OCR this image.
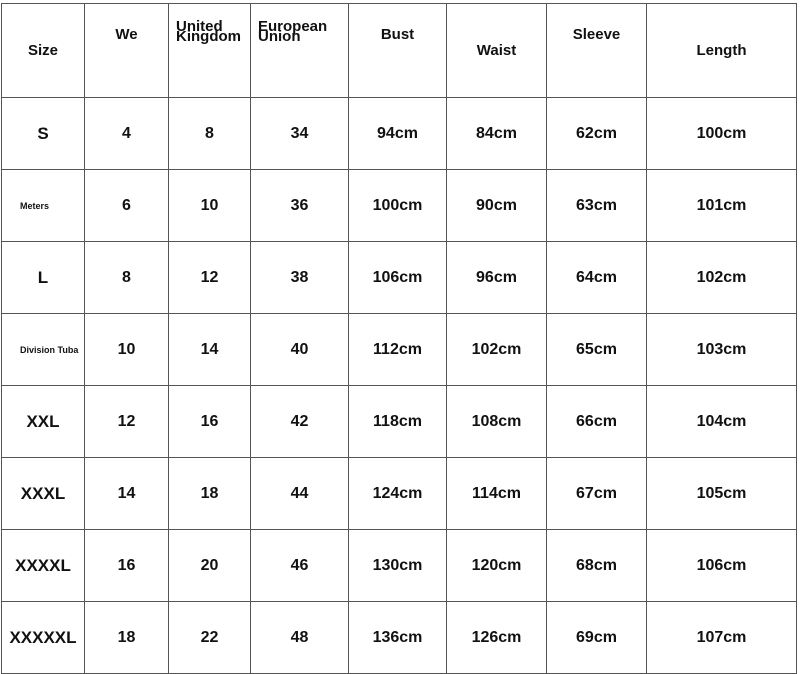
Size	We	United Kingdom	European Union	Bust	Waist	Sleeve	Length
S	4	8	34	94cm	84cm	62cm	100cm
Meters	6	10	36	100cm	90cm	63cm	101cm
L	8	12	38	106cm	96cm	64cm	102cm
Division Tuba	10	14	40	112cm	102cm	65cm	103cm
XXL	12	16	42	118cm	108cm	66cm	104cm
XXXL	14	18	44	124cm	114cm	67cm	105cm
XXXXL	16	20	46	130cm	120cm	68cm	106cm
XXXXXL	18	22	48	136cm	126cm	69cm	107cm
